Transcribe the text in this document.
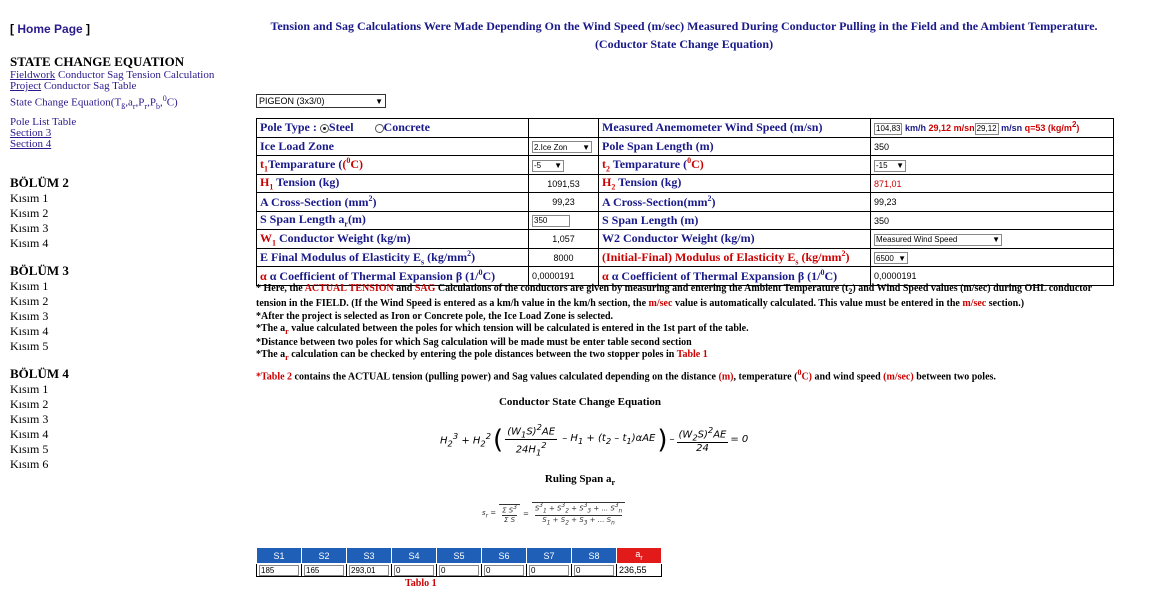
[ Home Page ]
STATE CHANGE EQUATION
Fieldwork Conductor Sag Tension Calculation
Project Conductor Sag Table
State Change $Equation(T_ß,a_r,P_r,P_b,^0C)$
Pole List Table
Section 3
Section 4
BÖLÜM 2
Kısım 1
Kısım 2
Kısım 3
Kısım 4
BÖLÜM 3
Kısım 1
Kısım 2
Kısım 3
Kısım 4
Kısım 5
BÖLÜM 4
Kısım 1
Kısım 2
Kısım 3
Kısım 4
Kısım 5
Kısım 6
Tension and Sag Calculations Were Made Depending On the Wind Speed (m/sec) Measured During Conductor Pulling in the Field and the Ambient Temperature.
(Coductor State Change Equation)
PIGEON (3x3/0)	▼
Pole Type : Steel Concrete		Measured Anemometer Wind Speed (m/sn)	104,83 km/h 29,12 m/sn 29,12 m/sn q=53 (kg/m2)
Ice Load Zone	2.Ice Zon ▼	Pole Span Length (m)	350
$t_1Temparature$ (($^0$C)	-5 ▼	$t_2$ Temparature ($^0$C)	-15 ▼

$H_1$ Tension (kg)	1091,53	$H_2$ Tension (kg)	871,01
A Cross-Section $(mm^2)$	99,23	A Cross-$Section(mm^2)$	99,23
S Span Length $a_r(m)$	350	S Span Length (m)	350
$W_1$ Conductor Weight (kg/m)	1,057	W2 Conductor Weight (kg/m)	Measured Wind Speed ▼

E Final Modulus of Elasticity $E_s$ $(kg/mm^2)$	8000	(Initial-Final) Modulus of Elasticity $E_s$ $(kg/mm^2)$	6500 ▼

α α Coefficient of Thermal Expansion β (1/$^0$C)	0,0000191	α α Coefficient of Thermal Expansion β (1/$^0$C)	0,0000191

* Here, the ACTUAL TENSION and SAG Calculations of the conductors are given by measuring and entering the Ambient Temperature $(t_2)$ and Wind Speed values (m/sec) during OHL conductor tension in the FIELD. (If the Wind Speed is entered as a km/h value in the km/h section, the m/sec value is automatically calculated. This value must be entered in the m/sec section.)

*After the project is selected as Iron or Concrete pole, the Ice Load Zone is selected.

*The $a_r$ value calculated between the poles for which tension will be calculated is entered in the 1st part of the table.

*Distance between two poles for which Sag calculation will be made must be enter table second section

*The $a_r$ calculation can be checked by entering the pole distances between the two stopper poles in Table 1

*Table 2 contains the ACTUAL tension (pulling power) and Sag values calculated depending on the distance (m), temperature ($^0$C) and wind speed (m/sec) between two poles.

Conductor State Change Equation
$H_2^3 + H_2^2$ ( $\frac{(W_1S)^2AE}{24H_1^2} - H_1 + (t_2 - t_1)\alpha AE$ ) – $\frac{(W_2S)^2AE}{24} = 0$
Ruling Span $a_r$
$s_r = \frac{\Sigma S^3}{\text{Σ S}} = \frac{S^3_1 + S^3_2 + S^3_3 + ... S^3_n}{S_1 + S_2 + S_3 + ... S_n}$
S1	S2	S3	S4	S5	S6	S7	S8	$a_r$
185	165	293,01	0	0	0	0	0	236,55
Tablo 1
